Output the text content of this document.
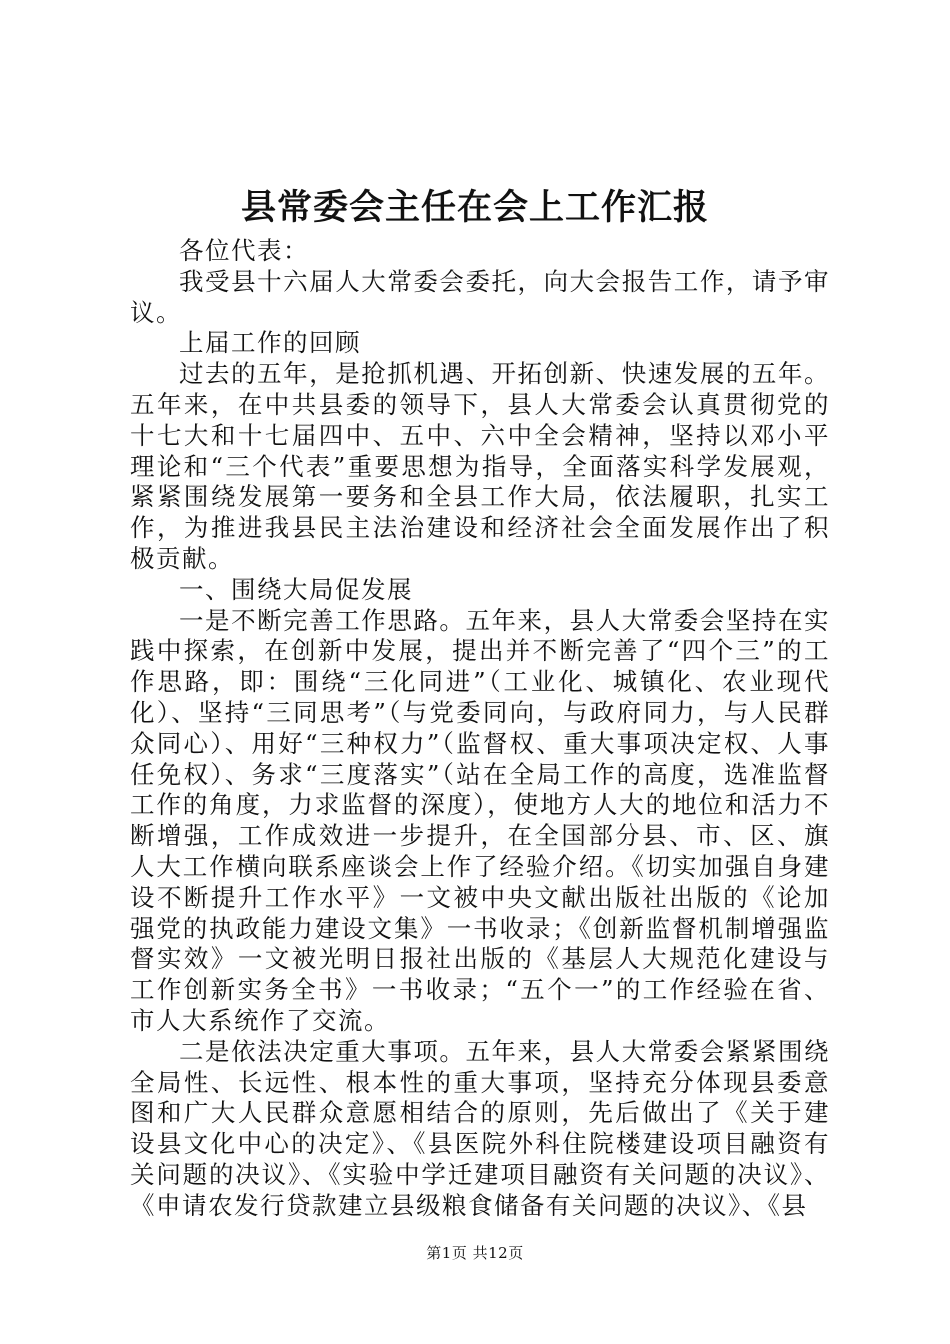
县常委会主任在会上工作汇报

各位代表：

我受县十六届人大常委会委托，向大会报告工作，请予审议。

上届工作的回顾

过去的五年，是抢抓机遇、开拓创新、快速发展的五年。五年来，在中共县委的领导下，县人大常委会认真贯彻党的十七大和十七届四中、五中、六中全会精神，坚持以邓小平理论和“三个代表”重要思想为指导，全面落实科学发展观，紧紧围绕发展第一要务和全县工作大局，依法履职，扎实工作，为推进我县民主法治建设和经济社会全面发展作出了积极贡献。

一、围绕大局促发展

一是不断完善工作思路。五年来，县人大常委会坚持在实践中探索，在创新中发展，提出并不断完善了“四个三”的工作思路，即：围绕“三化同进”（工业化、城镇化、农业现代化）、坚持“三同思考”（与党委同向，与政府同力，与人民群众同心）、用好“三种权力”（监督权、重大事项决定权、人事任免权）、务求“三度落实”（站在全局工作的高度，选准监督工作的角度，力求监督的深度），使地方人大的地位和活力不断增强，工作成效进一步提升，在全国部分县、市、区、旗人大工作横向联系座谈会上作了经验介绍。《切实加强自身建设不断提升工作水平》一文被中央文献出版社出版的《论加强党的执政能力建设文集》一书收录；《创新监督机制增强监督实效》一文被光明日报社出版的《基层人大规范化建设与工作创新实务全书》一书收录；“五个一”的工作经验在省、市人大系统作了交流。

二是依法决定重大事项。五年来，县人大常委会紧紧围绕全局性、长远性、根本性的重大事项，坚持充分体现县委意图和广大人民群众意愿相结合的原则，先后做出了《关于建设县文化中心的决定》、《县医院外科住院楼建设项目融资有关问题的决议》、《实验中学迁建项目融资有关问题的决议》、《申请农发行贷款建立县级粮食储备有关问题的决议》、《县

第1页 共12页
